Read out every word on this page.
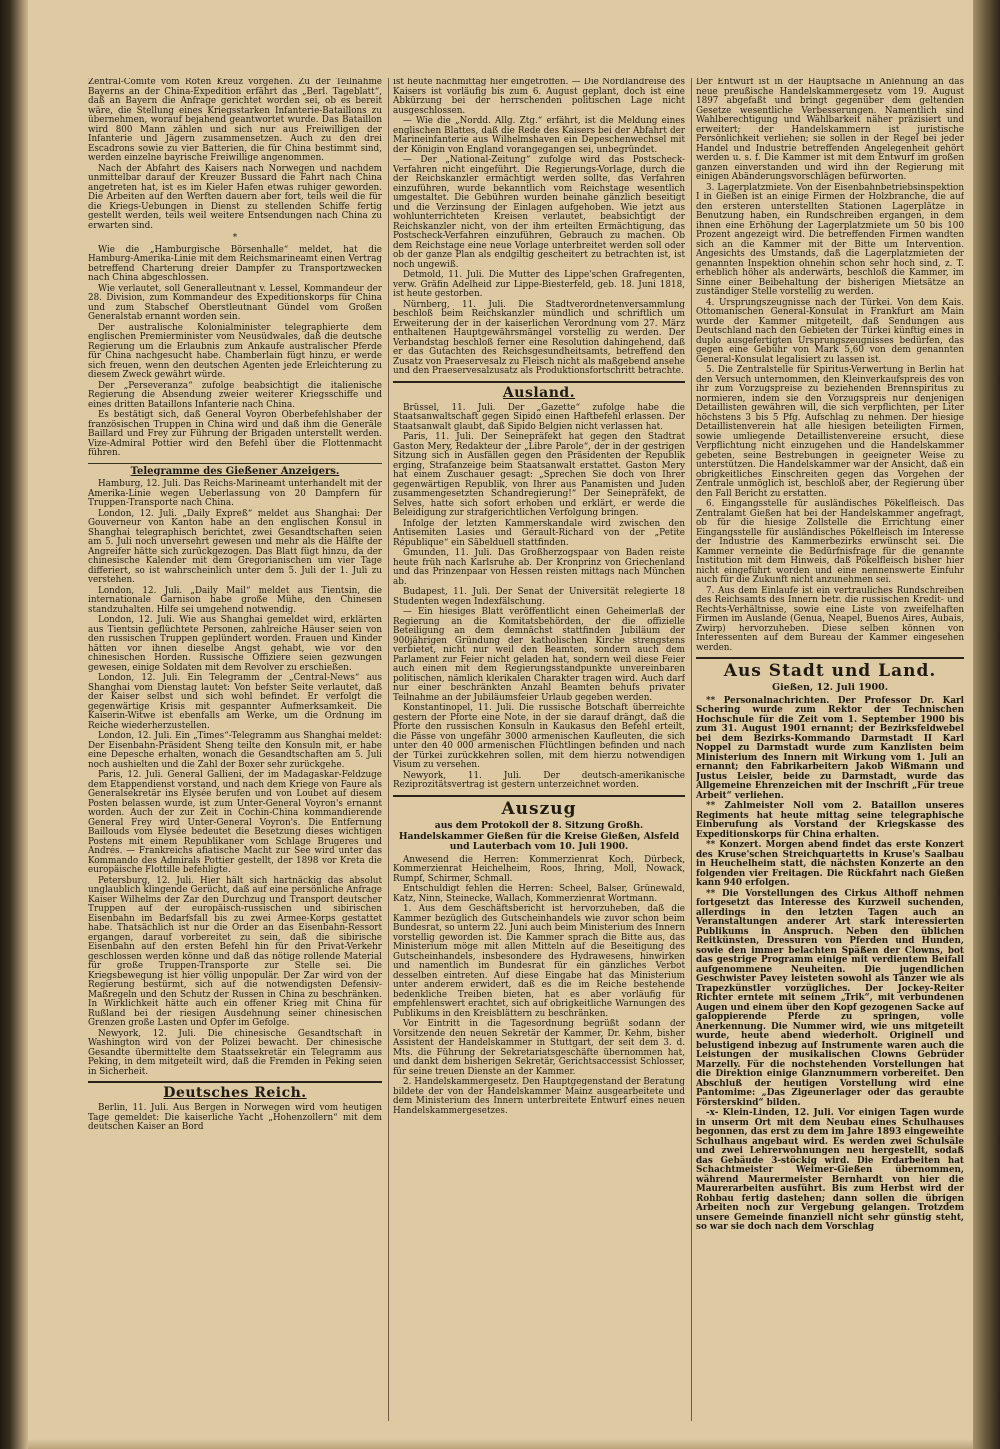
Zentral-Comite vom Roten Kreuz vorgehen. Zu der Teilnahme Bayerns an der China-Expedition erfährt das „Berl. Tageblatt“, daß an Bayern die Anfrage gerichtet worden sei, ob es bereit wäre, die Stellung eines Kriegsstarken Infanterie-Bataillons zu übernehmen, worauf bejahend geantwortet wurde. Das Bataillon wird 800 Mann zählen und sich nur aus Freiwilligen der Infanterie und Jägern zusammensetzen. Auch zu den drei Escadrons sowie zu vier Batterien, die für China bestimmt sind, werden einzelne bayrische Freiwillige angenommen.

Nach der Abfahrt des Kaisers nach Norwegen und nachdem unmittelbar darauf der Kreuzer Bussard die Fahrt nach China angetreten hat, ist es im Kieler Hafen etwas ruhiger geworden. Die Arbeiten auf den Werften dauern aber fort, teils weil die für die Kriegs-Uebungen in Dienst zu stellenden Schiffe fertig gestellt werden, teils weil weitere Entsendungen nach China zu erwarten sind.

*

Wie die „Hamburgische Börsenhalle“ meldet, hat die Hamburg-Amerika-Linie mit dem Reichsmarineamt einen Vertrag betreffend Charterung dreier Dampfer zu Transportzwecken nach China abgeschlossen.

Wie verlautet, soll Generalleutnant v. Lessel, Kommandeur der 28. Division, zum Kommandeur des Expeditionskorps für China und zum Stabschef Oberstleutnant Gündel vom Großen Generalstab ernannt worden sein.

Der australische Kolonialminister telegraphierte dem englischen Premierminister vom Neusüdwales, daß die deutsche Regierung um die Erlaubnis zum Ankaufe australischer Pferde für China nachgesucht habe. Chamberlain fügt hinzu, er werde sich freuen, wenn den deutschen Agenten jede Erleichterung zu diesem Zweck gewährt würde.

Der „Perseveranza“ zufolge beabsichtigt die italienische Regierung die Absendung zweier weiterer Kriegsschiffe und eines dritten Bataillons Infanterie nach China.

Es bestätigt sich, daß General Voyron Oberbefehlshaber der französischen Truppen in China wird und daß ihm die Generäle Baillard und Frey zur Führung der Brigaden unterstellt werden. Vize-Admiral Pottier wird den Befehl über die Flottenmacht führen.

Telegramme des Gießener Anzeigers.

Hamburg, 12. Juli. Das Reichs-Marineamt unterhandelt mit der Amerika-Linie wegen Ueberlassung von 20 Dampfern für Truppen-Transporte nach China.

London, 12. Juli. „Daily Expreß“ meldet aus Shanghai: Der Gouverneur von Kanton habe an den englischen Konsul in Shanghai telegraphisch berichtet, zwei Gesandtschaften seien am 5. Juli noch unversehrt gewesen und mehr als die Hälfte der Angreifer hätte sich zurückgezogen. Das Blatt fügt hinzu, da der chinesische Kalender mit dem Gregorianischen um vier Tage differiert, so ist wahrscheinlich unter dem 5. Juli der 1. Juli zu verstehen.

London, 12. Juli. „Daily Mail“ meldet aus Tientsin, die internationale Garnison habe große Mühe, den Chinesen standzuhalten. Hilfe sei umgehend notwendig.

London, 12. Juli. Wie aus Shanghai gemeldet wird, erklärten aus Tientsin geflüchtete Personen, zahlreiche Häuser seien von den russischen Truppen geplündert worden. Frauen und Kinder hätten vor ihnen dieselbe Angst gehabt, wie vor den chinesischen Horden. Russische Offiziere seien gezwungen gewesen, einige Soldaten mit dem Revolver zu erschießen.

London, 12. Juli. Ein Telegramm der „Central-News“ aus Shanghai vom Dienstag lautet: Von befster Seite verlautet, daß der Kaiser selbst und sich wohl befindet. Er verfolgt die gegenwärtige Krisis mit gespannter Aufmerksamkeit. Die Kaiserin-Witwe ist ebenfalls am Werke, um die Ordnung im Reiche wiederherzustellen.

London, 12. Juli. Ein „Times“-Telegramm aus Shanghai meldet: Der Eisenbahn-Präsident Sheng teilte den Konsuln mit, er habe eine Depesche erhalten, wonach die Gesandtschaften am 5. Juli noch aushielten und die Zahl der Boxer sehr zurückgehe.

Paris, 12. Juli. General Gallieni, der im Madagaskar-Feldzuge dem Etappendienst vorstand, und nach dem Kriege von Faure als Generalsekretär ins Elysée berufen und von Loubet auf diesem Posten belassen wurde, ist zum Unter-General Voyron's ernannt worden. Auch der zur Zeit in Cochin-China kommandierende General Frey wird Unter-General Voyron's. Die Entfernung Baillouds vom Elysée bedeutet die Besetzung dieses wichtigen Postens mit einem Republikaner vom Schlage Brugeres und Andrés. — Frankreichs afiatische Macht zur See wird unter das Kommando des Admirals Pottier gestellt, der 1898 vor Kreta die europäische Flottille befehligte.

Petersburg, 12. Juli. Hier hält sich hartnäckig das absolut unglaublich klingende Gerücht, daß auf eine persönliche Anfrage Kaiser Wilhelms der Zar den Durchzug und Transport deutscher Truppen auf der europäisch-russischen und sibirischen Eisenbahn im Bedarfsfall bis zu zwei Armee-Korps gestattet habe. Thatsächlich ist nur die Order an das Eisenbahn-Ressort ergangen, darauf vorbereitet zu sein, daß die sibirische Eisenbahn auf den ersten Befehl hin für den Privat-Verkehr geschlossen werden könne und daß das nötige rollende Material für große Truppen-Transporte zur Stelle sei. Die Kriegsbewegung ist hier völlig unpopulär. Der Zar wird von der Regierung bestürmt, sich auf die notwendigsten Defensiv-Maßregeln und den Schutz der Russen in China zu beschränken. In Wirklichkeit hätte auch ein offener Krieg mit China für Rußland bei der riesigen Ausdehnung seiner chinesischen Grenzen große Lasten und Opfer im Gefolge.

Newyork, 12. Juli. Die chinesische Gesandtschaft in Washington wird von der Polizei bewacht. Der chinesische Gesandte übermittelte dem Staatssekretär ein Telegramm aus Peking, in dem mitgeteilt wird, daß die Fremden in Peking seien in Sicherheit.

Deutsches Reich.

Berlin, 11. Juli. Aus Bergen in Norwegen wird vom heutigen Tage gemeldet: Die kaiserliche Yacht „Hohenzollern“ mit dem deutschen Kaiser an Bord

ist heute nachmittag hier eingetroffen. — Die Nordlandreise des Kaisers ist vorläufig bis zum 6. August geplant, doch ist eine Abkürzung bei der herrschenden politischen Lage nicht ausgeschlossen.

— Wie die „Nordd. Allg. Ztg.“ erfährt, ist die Meldung eines englischen Blattes, daß die Rede des Kaisers bei der Abfahrt der Marineinfanterie aus Wilhelmshaven ein Depeschenwechsel mit der Königin von England vorangegangen sei, unbegründet.

— Der „National-Zeitung“ zufolge wird das Postscheck-Verfahren nicht eingeführt. Die Regierungs-Vorlage, durch die der Reichskanzler ermächtigt werden sollte, das Verfahren einzuführen, wurde bekanntlich vom Reichstage wesentlich umgestaltet. Die Gebühren wurden beinahe gänzlich beseitigt und die Verzinsung der Einlagen aufgehoben. Wie jetzt aus wohlunterrichteten Kreisen verlautet, beabsichtigt der Reichskanzler nicht, von der ihm erteilten Ermächtigung, das Postscheck-Verfahren einzuführen, Gebrauch zu machen. Ob dem Reichstage eine neue Vorlage unterbreitet werden soll oder ob der ganze Plan als endgiltig gescheitert zu betrachten ist, ist noch ungewiß.

Detmold, 11. Juli. Die Mutter des Lippe'schen Grafregenten, verw. Gräfin Adelheid zur Lippe-Biesterfeld, geb. 18. Juni 1818, ist heute gestorben.

Nürnberg, 11. Juli. Die Stadtverordnetenversammlung beschloß beim Reichskanzler mündlich und schriftlich um Erweiterung der in der kaiserlichen Verordnung vom 27. März enthaltenen Hauptgewährsmängel vorstellig zu werden. Der Verbandstag beschloß ferner eine Resolution dahingehend, daß er das Gutachten des Reichsgesundheitsamts, betreffend den Zusatz von Praeservesalz zu Fleisch nicht als maßgebend ansehe und den Praeservesalzusatz als Produktionsfortschritt betrachte.

Ausland.

Brüssel, 11. Juli. Der „Gazette“ zufolge habe die Staatsanwaltschaft gegen Sipido einen Haftbefehl erlassen. Der Staatsanwalt glaubt, daß Sipido Belgien nicht verlassen hat.

Paris, 11. Juli. Der Seinepräfekt hat gegen den Stadtrat Gaston Mery, Redakteur der „Libre Parole“, der in der gestrigen Sitzung sich in Ausfällen gegen den Präsidenten der Republik erging, Strafanzeige beim Staatsanwalt erstattet. Gaston Mery hat einem Zuschauer gesagt: „Sprechen Sie doch von Ihrer gegenwärtigen Republik, von Ihrer aus Panamisten und Juden zusammengesetzten Schandregierung!“ Der Seinepräfekt, de Selves, hatte sich sofort erhoben und erklärt, er werde die Beleidigung zur strafgerichtlichen Verfolgung bringen.

Infolge der letzten Kammerskandale wird zwischen den Antisemiten Lasies und Gérault-Richard von der „Petite République“ ein Säbelduell stattfinden.

Gmunden, 11. Juli. Das Großherzogspaar von Baden reiste heute früh nach Karlsruhe ab. Der Kronprinz von Griechenland und das Prinzenpaar von Hessen reisten mittags nach München ab.

Budapest, 11. Juli. Der Senat der Universität relegierte 18 Studenten wegen Indexfälschung.

— Ein hiesiges Blatt veröffentlicht einen Geheimerlaß der Regierung an die Komitatsbehörden, der die offizielle Beteiligung an dem demnächst stattfinden Jubiläum der 900jährigen Gründung der katholischen Kirche strengstens verbietet, nicht nur weil den Beamten, sondern auch dem Parlament zur Feier nicht geladen hat, sondern weil diese Feier auch einen mit dem Regierungsstandpunkte unvereinbaren politischen, nämlich klerikalen Charakter tragen wird. Auch darf nur einer beschränkten Anzahl Beamten behufs privater Teilnahme an der Jubiläumsfeier Urlaub gegeben werden.

Konstantinopel, 11. Juli. Die russische Botschaft überreichte gestern der Pforte eine Note, in der sie darauf drängt, daß die Pforte den russischen Konsuln in Kaukasus den Befehl erteilt, die Pässe von ungefähr 3000 armenischen Kaufleuten, die sich unter den 40 000 armenischen Flüchtlingen befinden und nach der Türkei zurückkehren sollen, mit dem hierzu notwendigen Visum zu versehen.

Newyork, 11. Juli. Der deutsch-amerikanische Reziprozitätsvertrag ist gestern unterzeichnet worden.

Auszug
aus dem Protokoll der 8. Sitzung Großh. Handelskammer Gießen für die Kreise Gießen, Alsfeld und Lauterbach vom 10. Juli 1900.

Anwesend die Herren: Kommerzienrat Koch, Dürbeck, Kommerzienrat Heichelheim, Roos, Ihring, Moll, Nowack, Rumpf, Schirmer, Schmall.

Entschuldigt fehlen die Herren: Scheel, Balser, Grünewald, Katz, Ninn, Steinecke, Wallach, Kommerzienrat Wortmann.

1. Aus dem Geschäftsbericht ist hervorzuheben, daß die Kammer bezüglich des Gutscheinhandels wie zuvor schon beim Bundesrat, so unterm 22. Juni auch beim Ministerium des Innern vorstellig geworden ist. Die Kammer sprach die Bitte aus, das Ministerium möge mit allen Mitteln auf die Beseitigung des Gutscheinhandels, insbesondere des Hydrawesens, hinwirken und namentlich im Bundesrat für ein gänzliches Verbot desselben eintreten. Auf diese Eingabe hat das Ministerium unter anderem erwidert, daß es die im Reiche bestehende bedenkliche Treiben bieten, hat es aber vorläufig für empfehlenswert erachtet, sich auf obrigkeitliche Warnungen des Publikums in den Kreisblättern zu beschränken.

Vor Eintritt in die Tagesordnung begrüßt sodann der Vorsitzende den neuen Sekretär der Kammer, Dr. Kehm, bisher Assistent der Handelskammer in Stuttgart, der seit dem 3. d. Mts. die Führung der Sekretariatsgeschäfte übernommen hat, und dankt dem bisherigen Sekretär, Gerichtsaccessist Schlosser, für seine treuen Dienste an der Kammer.

2. Handelskammergesetz. Den Hauptgegenstand der Beratung bildete der von der Handelskammer Mainz ausgearbeitete und dem Ministerium des Innern unterbreitete Entwurf eines neuen Handelskammergesetzes.

Der Entwurf ist in der Hauptsache in Anlehnung an das neue preußische Handelskammergesetz vom 19. August 1897 abgefaßt und bringt gegenüber dem geltenden Gesetze wesentliche Verbesserungen. Namentlich sind Wahlberechtigung und Wählbarkeit näher präzisiert und erweitert; der Handelskammern ist juristische Persönlichkeit verliehen; sie sollen in der Regel bei jeder Handel und Industrie betreffenden Angelegenheit gehört werden u. s. f. Die Kammer ist mit dem Entwurf im großen ganzen einverstanden und wird ihn der Regierung mit einigen Abänderungsvorschlägen befürworten.

3. Lagerplatzmiete. Von der Eisenbahnbetriebsinspektion I in Gießen ist an einige Firmen der Holzbranche, die auf den ersteren unterstellten Stationen Lagerplätze in Benutzung haben, ein Rundschreiben ergangen, in dem ihnen eine Erhöhung der Lagerplatzmiete um 50 bis 100 Prozent angezeigt wird. Die betreffenden Firmen wandten sich an die Kammer mit der Bitte um Intervention. Angesichts des Umstands, daß die Lagerplatzmieten der genannten Inspektion ohnehin schon sehr hoch sind, z. T. erheblich höher als anderwärts, beschloß die Kammer, im Sinne einer Beibehaltung der bisherigen Mietsätze an zuständiger Stelle vorstellig zu werden.

4. Ursprungszeugnisse nach der Türkei. Von dem Kais. Ottomanischen General-Konsulat in Frankfurt am Main wurde der Kammer mitgeteilt, daß Sendungen aus Deutschland nach den Gebieten der Türkei künftig eines in duplo ausgefertigten Ursprungszeugnisses bedürfen, das gegen eine Gebühr von Mark 5,60 von dem genannten General-Konsulat legalisiert zu lassen ist.

5. Die Zentralstelle für Spiritus-Verwertung in Berlin hat den Versuch unternommen, den Kleinverkaufspreis des von ihr zum Vorzugspreise zu beziehenden Brennspiritus zu normieren, indem sie den Vorzugspreis nur denjenigen Detaillisten gewähren will, die sich verpflichten, per Liter höchstens 3 bis 5 Pfg. Aufschlag zu nehmen. Der hiesige Detaillistenverein hat alle hiesigen beteiligten Firmen, sowie umliegende Detaillistenvereine ersucht, diese Verpflichtung nicht einzugehen und die Handelskammer gebeten, seine Bestrebungen in geeigneter Weise zu unterstützen. Die Handelskammer war der Ansicht, daß ein obrigkeitliches Einschreiten gegen das Vorgehen der Zentrale unmöglich ist, beschloß aber, der Regierung über den Fall Bericht zu erstatten.

6. Eingangsstelle für ausländisches Pökelfleisch. Das Zentralamt Gießen hat bei der Handelskammer angefragt, ob für die hiesige Zollstelle die Errichtung einer Eingangsstelle für ausländisches Pökelfleisch im Interesse der Industrie des Kammerbezirks erwünscht sei. Die Kammer verneinte die Bedürfnisfrage für die genannte Institution mit dem Hinweis, daß Pökelfleisch bisher hier nicht eingeführt worden und eine nennenswerte Einfuhr auch für die Zukunft nicht anzunehmen sei.

7. Aus dem Einlaufe ist ein vertrauliches Rundschreiben des Reichsamts des Innern betr. die russischen Kredit- und Rechts-Verhältnisse, sowie eine Liste von zweifelhaften Firmen im Auslande (Genua, Neapel, Buenos Aires, Aubais, Zwirp) hervorzuheben. Diese selben können von Interessenten auf dem Bureau der Kammer eingesehen werden.

Aus Stadt und Land.
Gießen, 12. Juli 1900.

** Personalnachrichten. Der Professor Dr. Karl Schering wurde zum Rektor der Technischen Hochschule für die Zeit vom 1. September 1900 bis zum 31. August 1901 ernannt; der Bezirksfeldwebel bei dem Bezirks-Kommando Darmstadt II Karl Noppel zu Darmstadt wurde zum Kanzlisten beim Ministerium des Innern mit Wirkung vom 1. Juli an ernannt; den Fabrikarbeitern Jakob Wißmann und Justus Leisler, beide zu Darmstadt, wurde das Allgemeine Ehrenzeichen mit der Inschrift „Für treue Arbeit“ verliehen.

** Zahlmeister Noll vom 2. Bataillon unseres Regiments hat heute mittag seine telegraphische Einberufung als Vorstand der Kriegskasse des Expeditionskorps für China erhalten.

** Konzert. Morgen abend findet das erste Konzert des Kruse'schen Streichquartetts in Kruse's Saalbau in Heuchelheim statt, die nächsten Konzerte an den folgenden vier Freitagen. Die Rückfahrt nach Gießen kann 940 erfolgen.

** Die Vorstellungen des Cirkus Althoff nehmen fortgesetzt das Interesse des Kurzweil suchenden, allerdings in den letzten Tagen auch an Veranstaltungen anderer Art stark interessierten Publikums in Anspruch. Neben den üblichen Reitkünsten, Dressuren von Pferden und Hunden, sowie den immer belachten Späßen der Clowns, bot das gestrige Programm einige mit verdientem Beifall aufgenommene Neuheiten. Die jugendlichen Geschwister Pavey leisteten sowohl als Tänzer wie als Trapezkünstler vorzügliches. Der Jockey-Reiter Richter erntete mit seinem „Trik“, mit verbundenen Augen und einem über den Kopf gezogenen Sacke auf galoppierende Pferde zu springen, volle Anerkennung. Die Nummer wird, wie uns mitgeteilt wurde, heute abend wiederholt. Originell und belustigend inbezug auf Instrumente waren auch die Leistungen der musikalischen Clowns Gebrüder Marzelly. Für die nochstehenden Vorstellungen hat die Direktion einige Glanznummern vorbereitet. Den Abschluß der heutigen Vorstellung wird eine Pantomime: „Das Zigeunerlager oder das geraubte Försterskind“ bilden.

-x- Klein-Linden, 12. Juli. Vor einigen Tagen wurde in unserm Ort mit dem Neubau eines Schulhauses begonnen, das erst zu dem im Jahre 1893 eingeweihte Schulhaus angebaut wird. Es werden zwei Schulsäle und zwei Lehrerwohnungen neu hergestellt, sodaß das Gebäude 3-stöckig wird. Die Erdarbeiten hat Schachtmeister Weimer-Gießen übernommen, während Maurermeister Bernhardt von hier die Maurerarbeiten ausführt. Bis zum Herbst wird der Rohbau fertig dastehen; dann sollen die übrigen Arbeiten noch zur Vergebung gelangen. Trotzdem unsere Gemeinde finanziell nicht sehr günstig steht, so war sie doch nach dem Vorschlag
